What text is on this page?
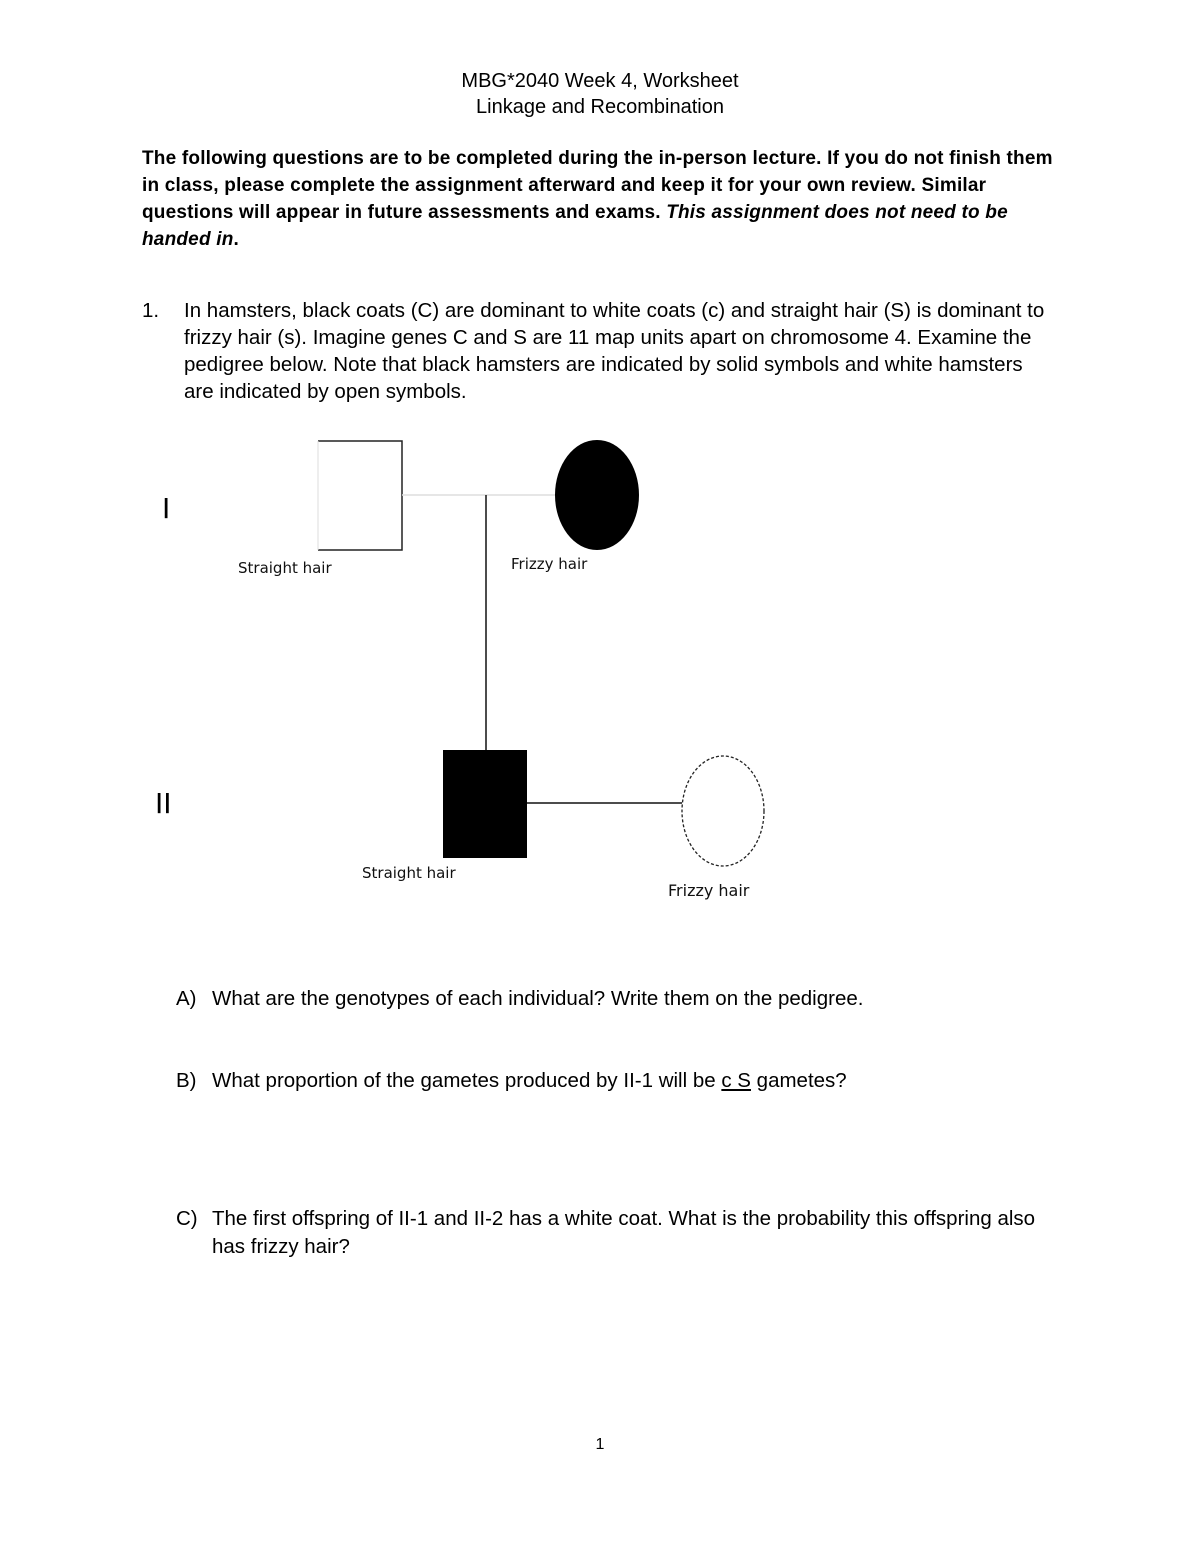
MBG*2040 Week 4, Worksheet
Linkage and Recombination
The following questions are to be completed during the in-person lecture. If you do not finish them in class, please complete the assignment afterward and keep it for your own review. Similar questions will appear in future assessments and exams. This assignment does not need to be handed in.
1. In hamsters, black coats (C) are dominant to white coats (c) and straight hair (S) is dominant to frizzy hair (s). Imagine genes C and S are 11 map units apart on chromosome 4. Examine the pedigree below. Note that black hamsters are indicated by solid symbols and white hamsters are indicated by open symbols.
I
II
Straight hair	Frizzy hair
Straight hair
Frizzy hair
A) What are the genotypes of each individual? Write them on the pedigree.
B) What proportion of the gametes produced by II-1 will be c S gametes?
C) The first offspring of II-1 and II-2 has a white coat. What is the probability this offspring also has frizzy hair?
1
